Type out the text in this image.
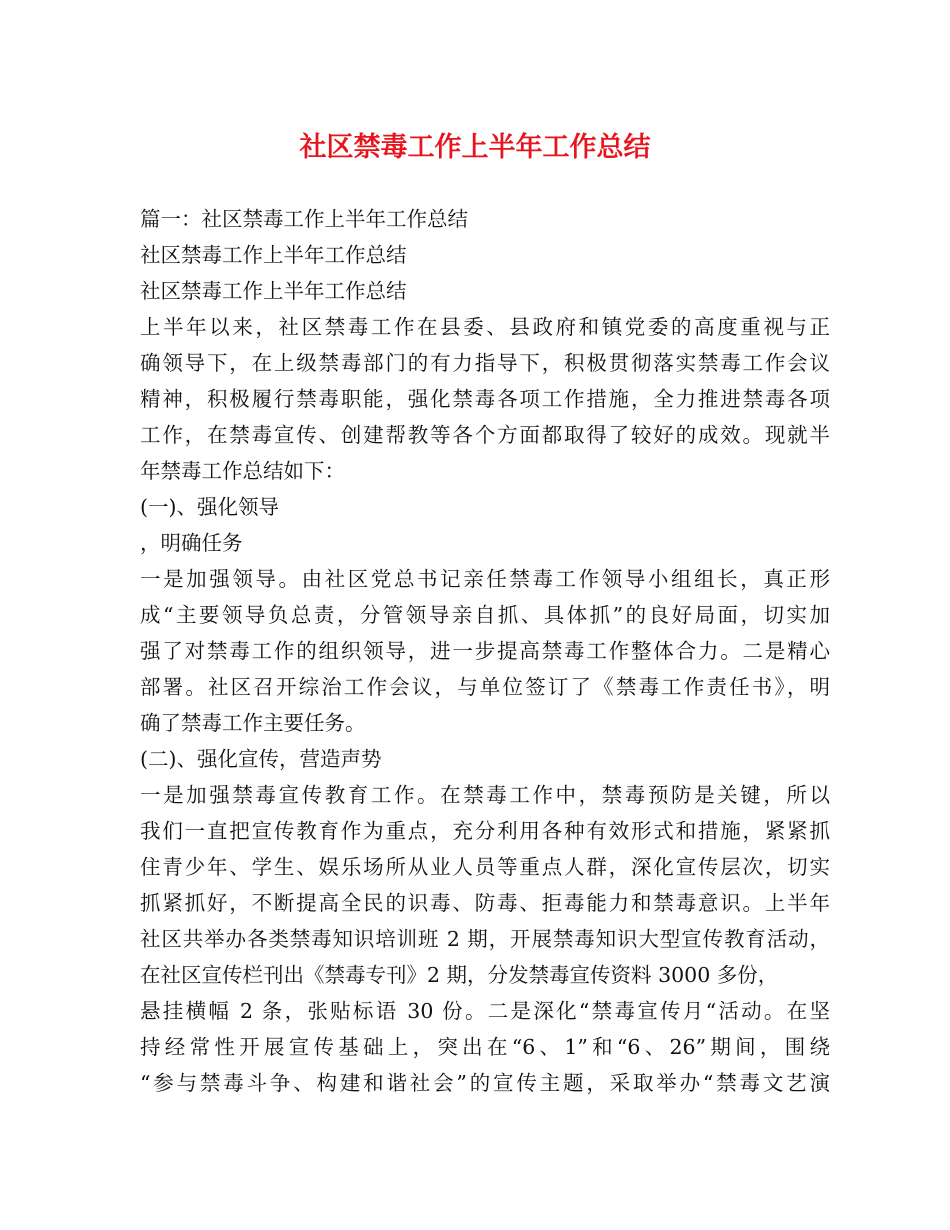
社区禁毒工作上半年工作总结
篇一：社区禁毒工作上半年工作总结
社区禁毒工作上半年工作总结
社区禁毒工作上半年工作总结
上半年以来，社区禁毒工作在县委、县政府和镇党委的高度重视与正
确领导下，在上级禁毒部门的有力指导下，积极贯彻落实禁毒工作会议
精神，积极履行禁毒职能，强化禁毒各项工作措施，全力推进禁毒各项
工作，在禁毒宣传、创建帮教等各个方面都取得了较好的成效。现就半
年禁毒工作总结如下：
(一)、强化领导
，明确任务
一是加强领导。由社区党总书记亲任禁毒工作领导小组组长，真正形
成“主要领导负总责，分管领导亲自抓、具体抓”的良好局面，切实加
强了对禁毒工作的组织领导，进一步提高禁毒工作整体合力。二是精心
部署。社区召开综治工作会议，与单位签订了《禁毒工作责任书》，明
确了禁毒工作主要任务。
(二)、强化宣传，营造声势
一是加强禁毒宣传教育工作。在禁毒工作中，禁毒预防是关键，所以
我们一直把宣传教育作为重点，充分利用各种有效形式和措施，紧紧抓
住青少年、学生、娱乐场所从业人员等重点人群，深化宣传层次，切实
抓紧抓好，不断提高全民的识毒、防毒、拒毒能力和禁毒意识。上半年
社区共举办各类禁毒知识培训班 2 期，开展禁毒知识大型宣传教育活动，
在社区宣传栏刊出《禁毒专刊》2 期，分发禁毒宣传资料 3000 多份，
悬挂横幅 2 条，张贴标语 30 份。二是深化“禁毒宣传月“活动。在坚
持经常性开展宣传基础上，突出在“6、1”和“6、26”期间，围绕
“参与禁毒斗争、构建和谐社会”的宣传主题，采取举办“禁毒文艺演
